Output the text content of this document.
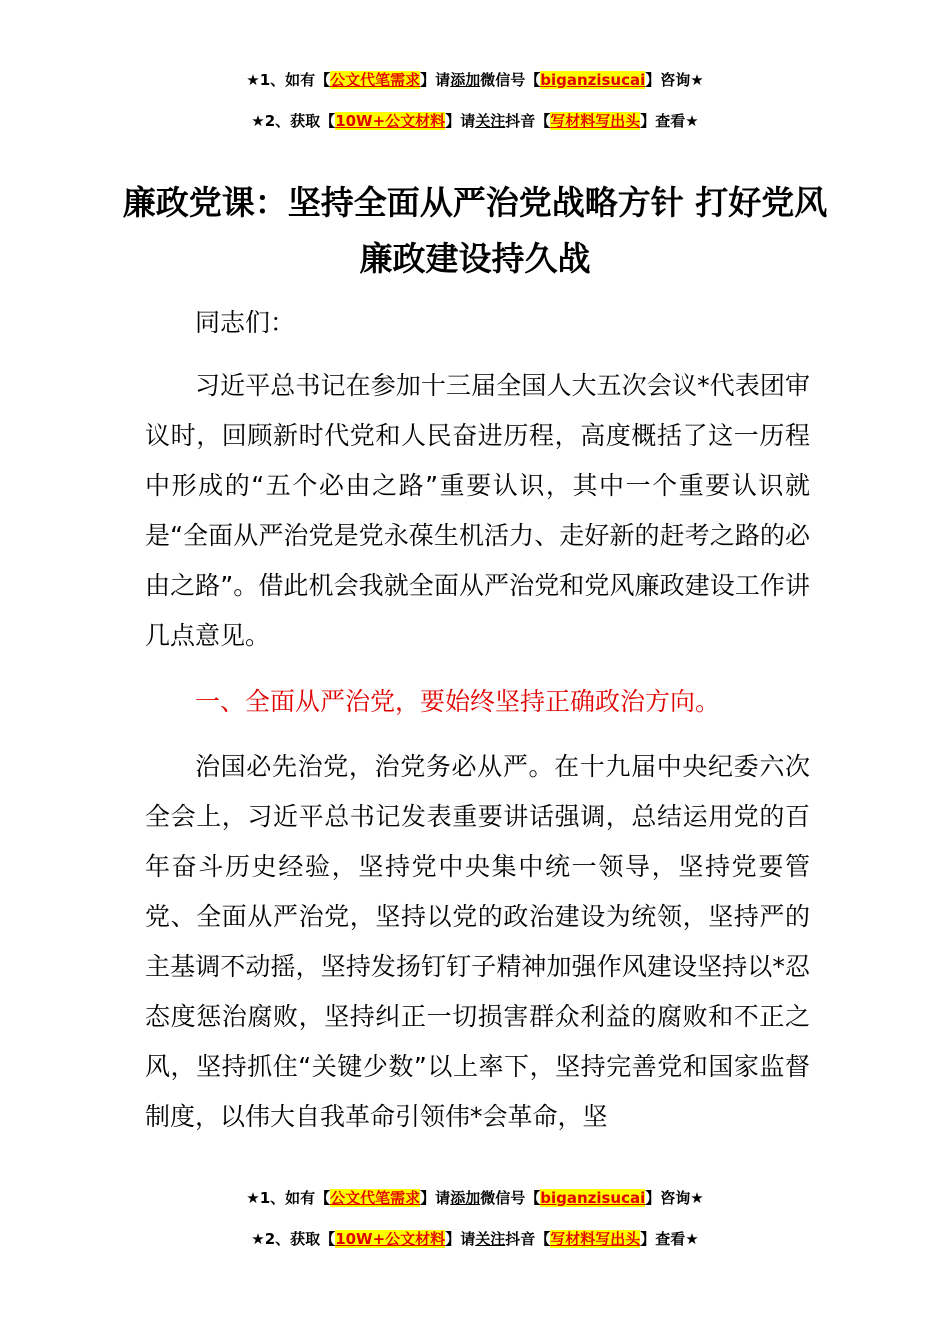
★1、如有【公文代笔需求】请添加微信号【biganzisucai】咨询★
★2、获取【10W+公文材料】请关注抖音【写材料写出头】查看★
廉政党课：坚持全面从严治党战略方针 打好党风廉政建设持久战

同志们：

习近平总书记在参加十三届全国人大五次会议*代表团审议时，回顾新时代党和人民奋进历程，高度概括了这一历程中形成的“五个必由之路”重要认识，其中一个重要认识就是“全面从严治党是党永葆生机活力、走好新的赶考之路的必由之路”。借此机会我就全面从严治党和党风廉政建设工作讲几点意见。

一、全面从严治党，要始终坚持正确政治方向。

治国必先治党，治党务必从严。在十九届中央纪委六次全会上，习近平总书记发表重要讲话强调，总结运用党的百年奋斗历史经验，坚持党中央集中统一领导，坚持党要管党、全面从严治党，坚持以党的政治建设为统领，坚持严的主基调不动摇，坚持发扬钉钉子精神加强作风建设坚持以*忍态度惩治腐败，坚持纠正一切损害群众利益的腐败和不正之风，坚持抓住“关键少数”以上率下，坚持完善党和国家监督制度，以伟大自我革命引领伟*会革命，坚

★1、如有【公文代笔需求】请添加微信号【biganzisucai】咨询★
★2、获取【10W+公文材料】请关注抖音【写材料写出头】查看★
